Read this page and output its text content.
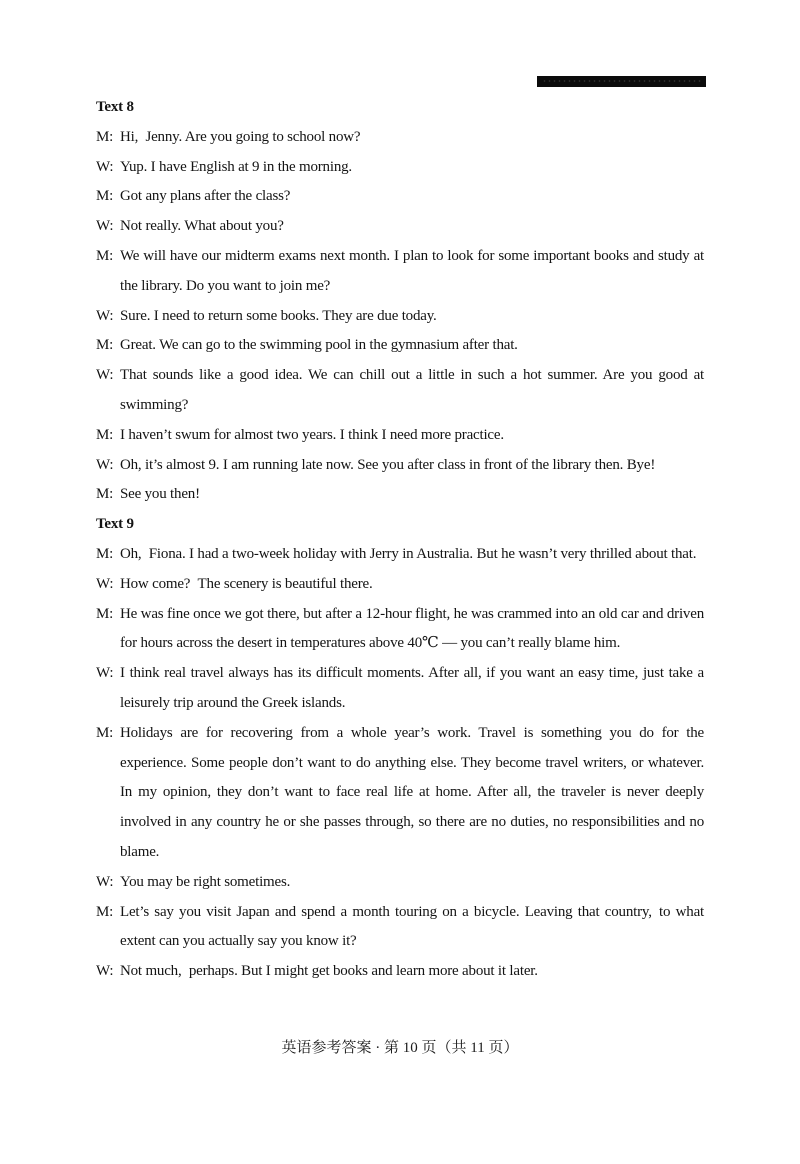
Text 8

M: Hi, Jenny. Are you going to school now?

W: Yup. I have English at 9 in the morning.

M: Got any plans after the class?

W: Not really. What about you?

M: We will have our midterm exams next month. I plan to look for some important books and study at the library. Do you want to join me?

W: Sure. I need to return some books. They are due today.

M: Great. We can go to the swimming pool in the gymnasium after that.

W: That sounds like a good idea. We can chill out a little in such a hot summer. Are you good at swimming?

M: I haven’t swum for almost two years. I think I need more practice.

W: Oh, it’s almost 9. I am running late now. See you after class in front of the library then. Bye!

M: See you then!

Text 9

M: Oh, Fiona. I had a two-week holiday with Jerry in Australia. But he wasn’t very thrilled about that.

W: How come? The scenery is beautiful there.

M: He was fine once we got there, but after a 12-hour flight, he was crammed into an old car and driven for hours across the desert in temperatures above 40℃ — you can’t really blame him.

W: I think real travel always has its difficult moments. After all, if you want an easy time, just take a leisurely trip around the Greek islands.

M: Holidays are for recovering from a whole year’s work. Travel is something you do for the experience. Some people don’t want to do anything else. They become travel writers, or whatever. In my opinion, they don’t want to face real life at home. After all, the traveler is never deeply involved in any country he or she passes through, so there are no duties, no responsibilities and no blame.

W: You may be right sometimes.

M: Let’s say you visit Japan and spend a month touring on a bicycle. Leaving that country, to what extent can you actually say you know it?

W: Not much, perhaps. But I might get books and learn more about it later.

英语参考答案 · 第 10 页（共 11 页）
